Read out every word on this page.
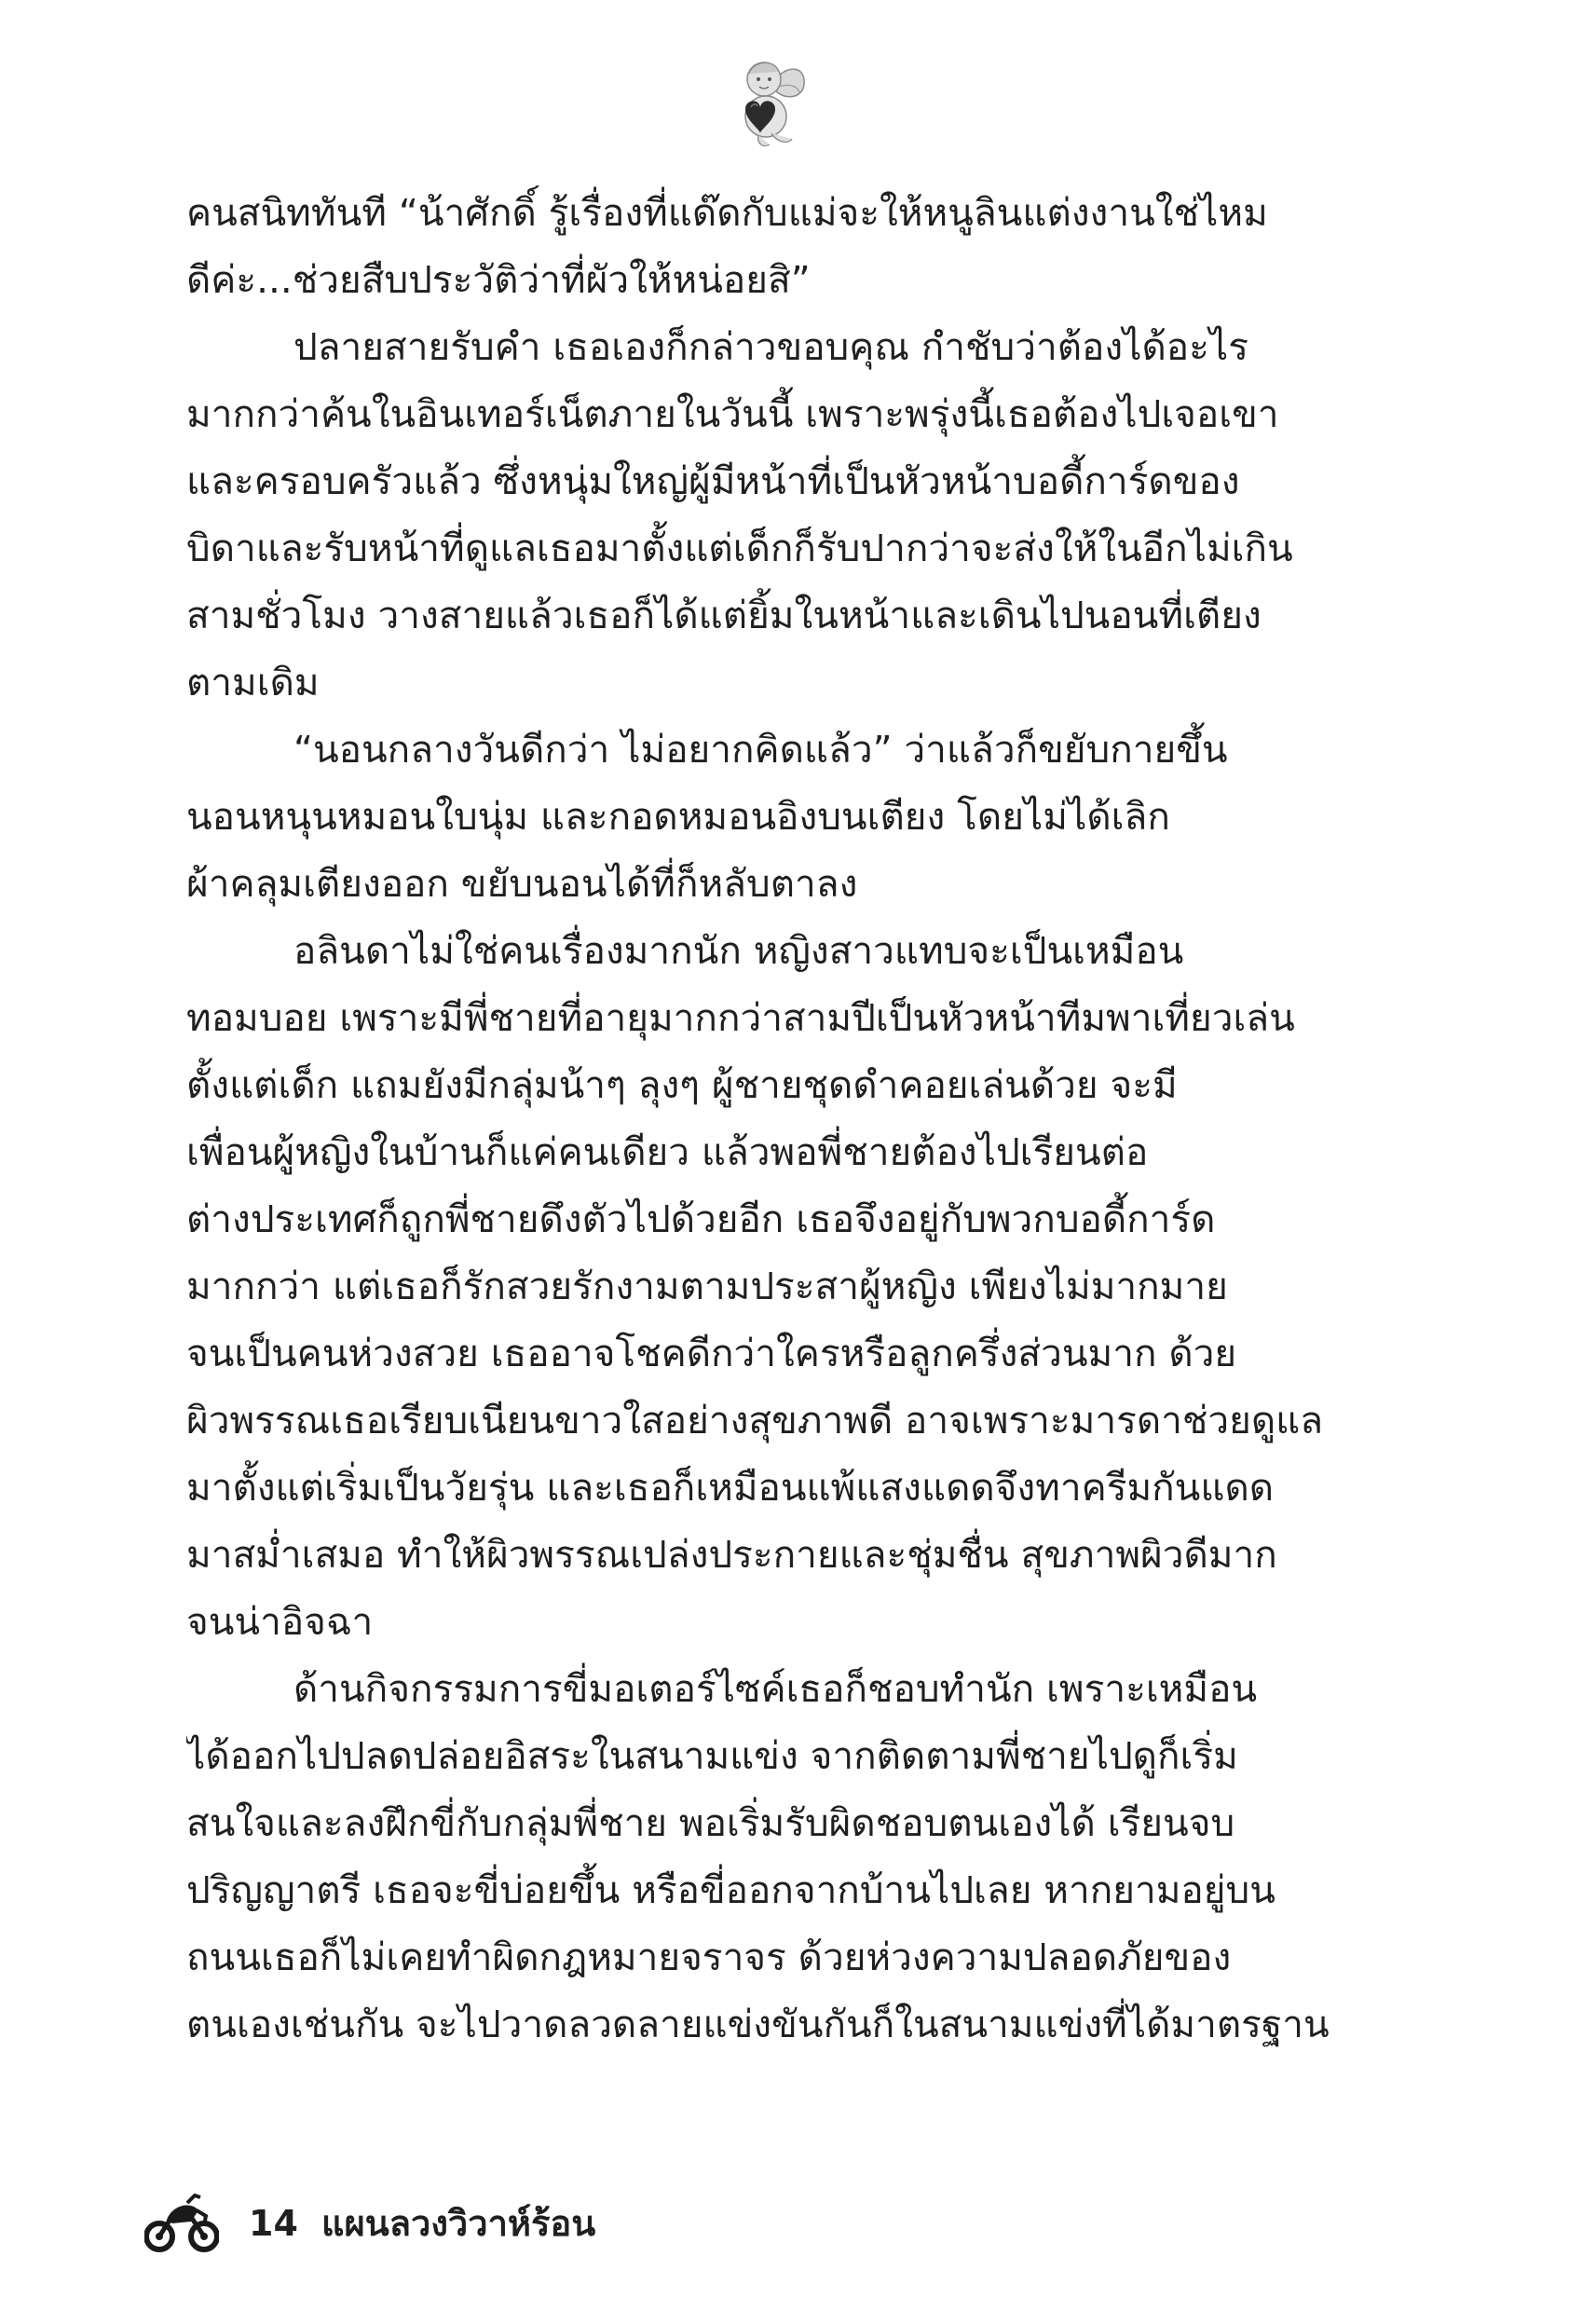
คนสนิททันที “น้าศักดิ์ รู้เรื่องที่แด๊ดกับแม่จะให้หนูลินแต่งงานใช่ไหม
ดีค่ะ...ช่วยสืบประวัติว่าที่ผัวให้หน่อยสิ”
ปลายสายรับคำ เธอเองก็กล่าวขอบคุณ กำชับว่าต้องได้อะไร
มากกว่าค้นในอินเทอร์เน็ตภายในวันนี้ เพราะพรุ่งนี้เธอต้องไปเจอเขา
และครอบครัวแล้ว ซึ่งหนุ่มใหญ่ผู้มีหน้าที่เป็นหัวหน้าบอดี้การ์ดของ
บิดาและรับหน้าที่ดูแลเธอมาตั้งแต่เด็กก็รับปากว่าจะส่งให้ในอีกไม่เกิน
สามชั่วโมง วางสายแล้วเธอก็ได้แต่ยิ้มในหน้าและเดินไปนอนที่เตียง
ตามเดิม
“นอนกลางวันดีกว่า ไม่อยากคิดแล้ว” ว่าแล้วก็ขยับกายขึ้น
นอนหนุนหมอนใบนุ่ม และกอดหมอนอิงบนเตียง โดยไม่ได้เลิก
ผ้าคลุมเตียงออก ขยับนอนได้ที่ก็หลับตาลง
อลินดาไม่ใช่คนเรื่องมากนัก หญิงสาวแทบจะเป็นเหมือน
ทอมบอย เพราะมีพี่ชายที่อายุมากกว่าสามปีเป็นหัวหน้าทีมพาเที่ยวเล่น
ตั้งแต่เด็ก แถมยังมีกลุ่มน้าๆ ลุงๆ ผู้ชายชุดดำคอยเล่นด้วย จะมี
เพื่อนผู้หญิงในบ้านก็แค่คนเดียว แล้วพอพี่ชายต้องไปเรียนต่อ
ต่างประเทศก็ถูกพี่ชายดึงตัวไปด้วยอีก เธอจึงอยู่กับพวกบอดี้การ์ด
มากกว่า แต่เธอก็รักสวยรักงามตามประสาผู้หญิง เพียงไม่มากมาย
จนเป็นคนห่วงสวย เธออาจโชคดีกว่าใครหรือลูกครึ่งส่วนมาก ด้วย
ผิวพรรณเธอเรียบเนียนขาวใสอย่างสุขภาพดี อาจเพราะมารดาช่วยดูแล
มาตั้งแต่เริ่มเป็นวัยรุ่น และเธอก็เหมือนแพ้แสงแดดจึงทาครีมกันแดด
มาสม่ำเสมอ ทำให้ผิวพรรณเปล่งประกายและชุ่มชื่น สุขภาพผิวดีมาก
จนน่าอิจฉา
ด้านกิจกรรมการขี่มอเตอร์ไซค์เธอก็ชอบทำนัก เพราะเหมือน
ได้ออกไปปลดปล่อยอิสระในสนามแข่ง จากติดตามพี่ชายไปดูก็เริ่ม
สนใจและลงฝึกขี่กับกลุ่มพี่ชาย พอเริ่มรับผิดชอบตนเองได้ เรียนจบ
ปริญญาตรี เธอจะขี่บ่อยขึ้น หรือขี่ออกจากบ้านไปเลย หากยามอยู่บน
ถนนเธอก็ไม่เคยทำผิดกฎหมายจราจร ด้วยห่วงความปลอดภัยของ
ตนเองเช่นกัน จะไปวาดลวดลายแข่งขันกันก็ในสนามแข่งที่ได้มาตรฐาน
14 แผนลวงวิวาห์ร้อน
